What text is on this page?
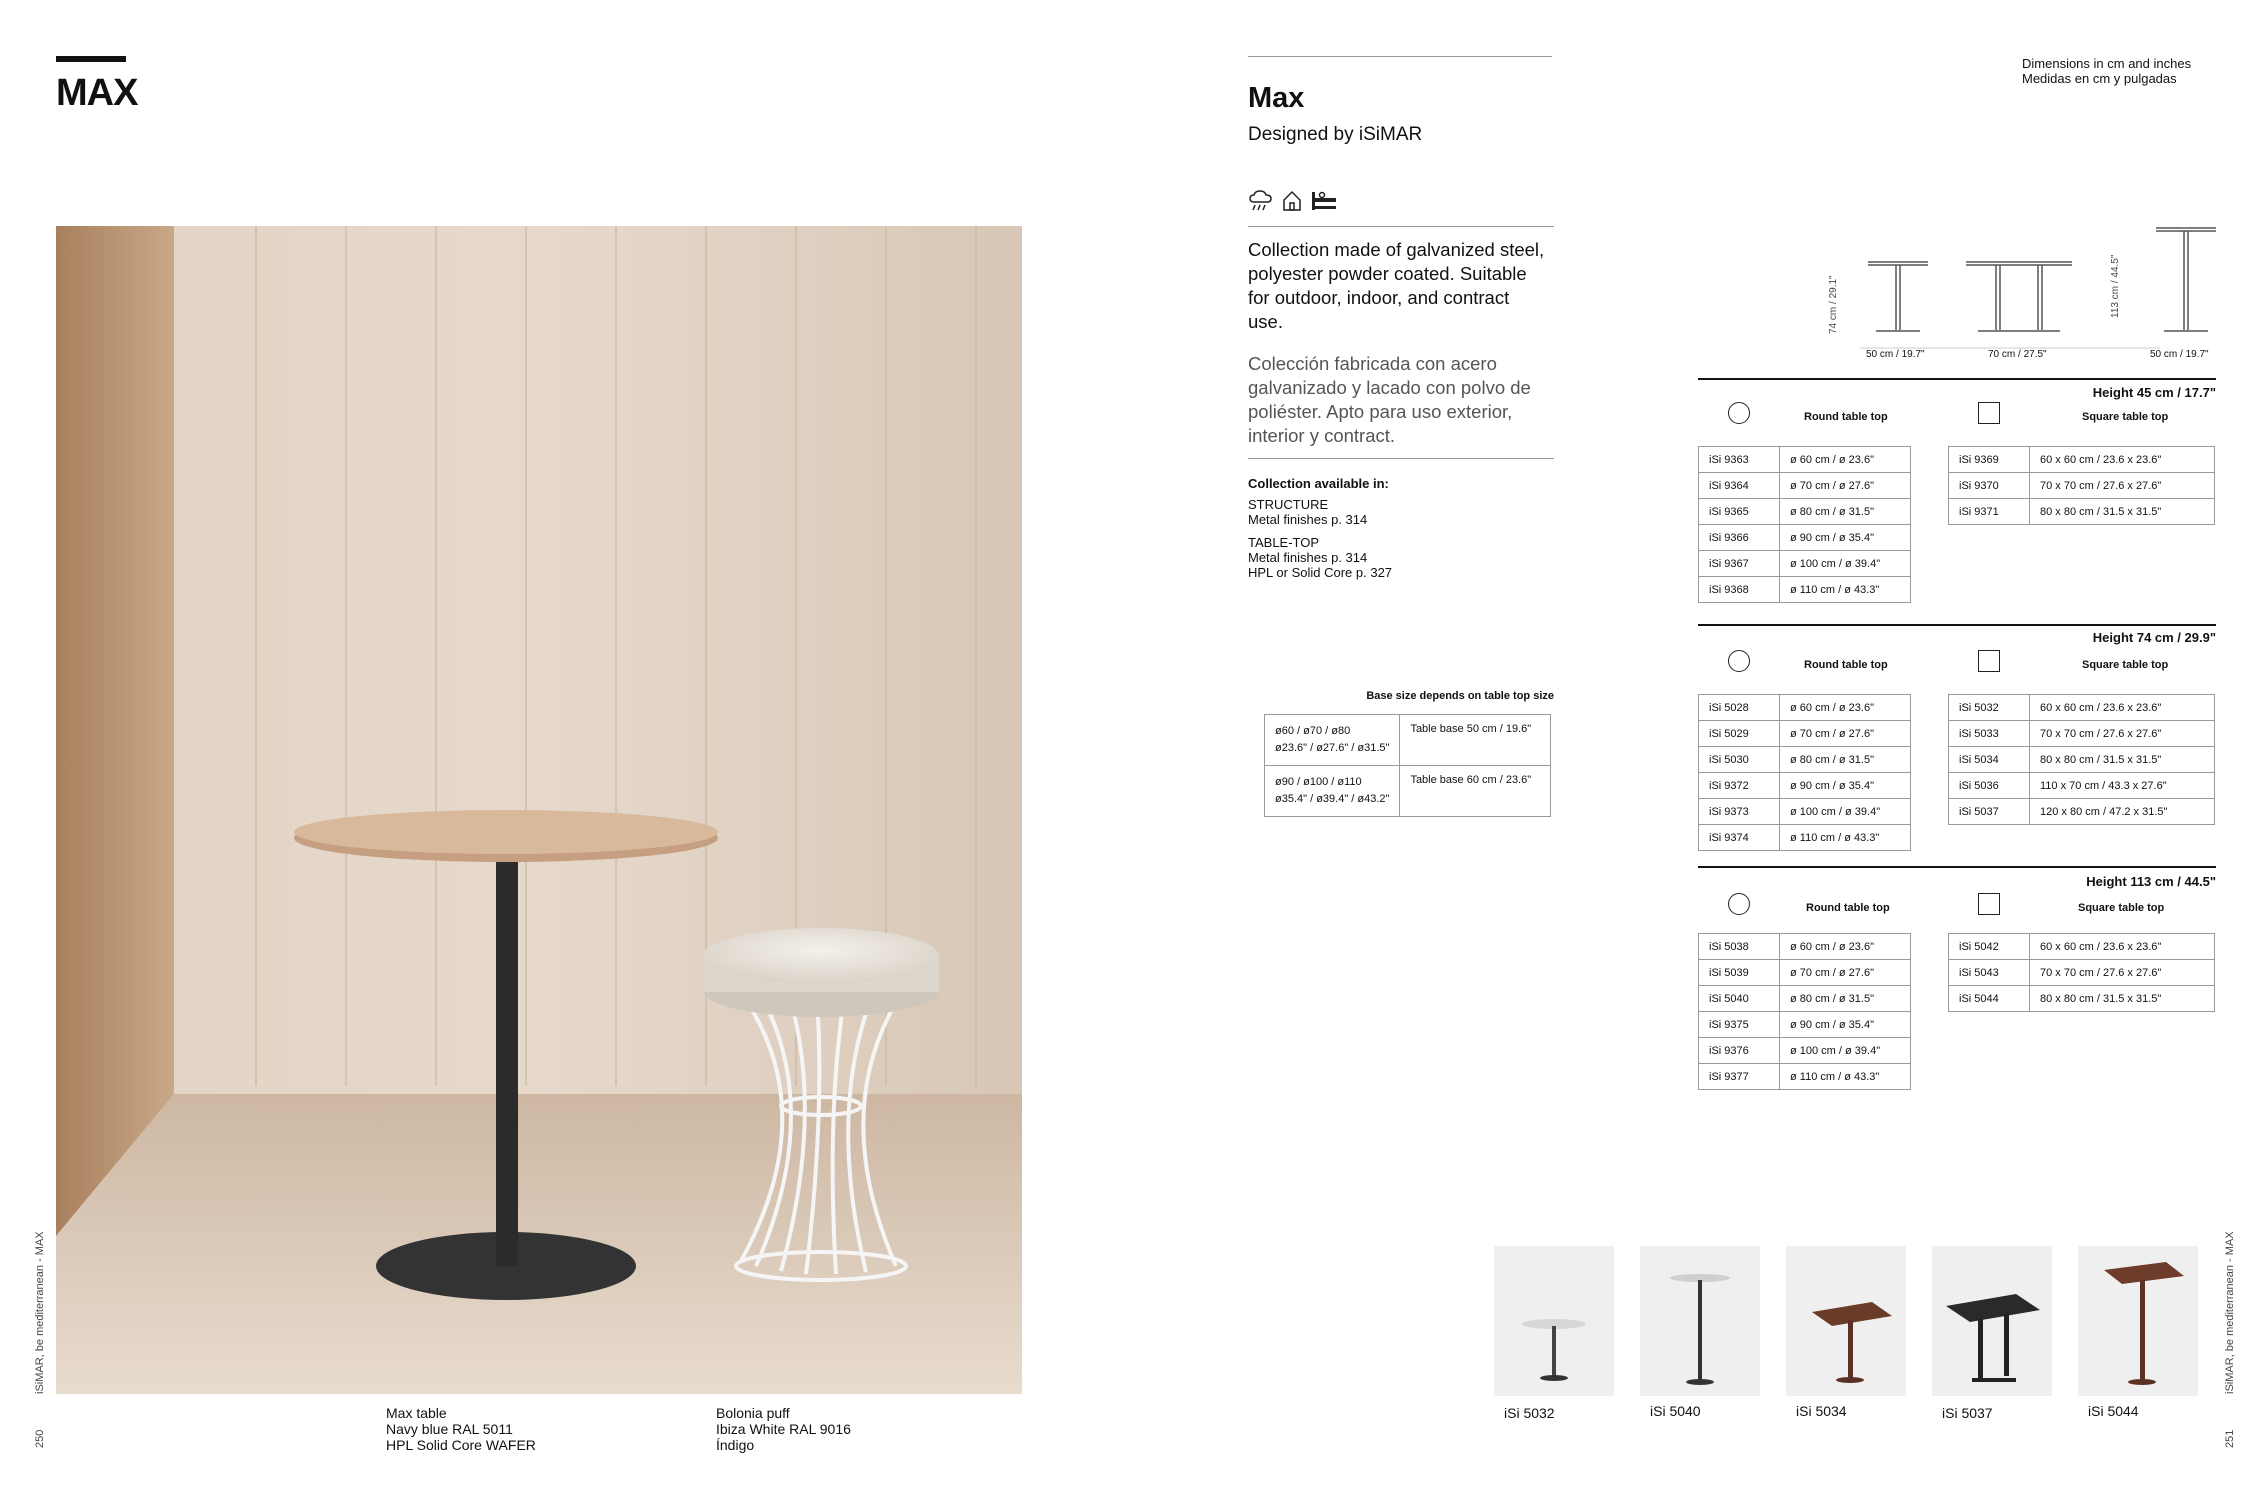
MAX
Max table
Navy blue RAL 5011
HPL Solid Core WAFER
Bolonia puff
Ibiza White RAL 9016
Índigo
iSiMAR, be mediterranean - MAX
250
Max
Designed by iSiMAR
Collection made of galvanized steel, polyester powder coated. Suitable for outdoor, indoor, and contract use.
Colección fabricada con acero galvanizado y lacado con polvo de poliéster. Apto para uso exterior, interior y contract.
Collection available in:
STRUCTURE
Metal finishes p. 314
TABLE-TOP
Metal finishes p. 314
HPL or Solid Core p. 327
Base size depends on table top size
ø60 / ø70 / ø80
ø23.6" / ø27.6" / ø31.5"	Table base 50 cm / 19.6"

ø90 / ø100 / ø110
ø35.4" / ø39.4" / ø43.2"	Table base 60 cm / 23.6"
Dimensions in cm and inches
Medidas en cm y pulgadas
74 cm / 29.1"	113 cm / 44.5"
50 cm / 19.7"	70 cm / 27.5"	50 cm / 19.7"
Height 45 cm / 17.7"
Round table top	Square table top
iSi 9363	ø 60 cm / ø 23.6"
iSi 9364	ø 70 cm / ø 27.6"
iSi 9365	ø 80 cm / ø 31.5"
iSi 9366	ø 90 cm / ø 35.4"
iSi 9367	ø 100 cm / ø 39.4"
iSi 9368	ø 110 cm / ø 43.3"
iSi 9369	60 x 60 cm / 23.6 x 23.6"
iSi 9370	70 x 70 cm / 27.6 x 27.6"
iSi 9371	80 x 80 cm / 31.5 x 31.5"
Height 74 cm / 29.9"
Round table top	Square table top
iSi 5028	ø 60 cm / ø 23.6"
iSi 5029	ø 70 cm / ø 27.6"
iSi 5030	ø 80 cm / ø 31.5"
iSi 9372	ø 90 cm / ø 35.4"
iSi 9373	ø 100 cm / ø 39.4"
iSi 9374	ø 110 cm / ø 43.3"
iSi 5032	60 x 60 cm / 23.6 x 23.6"
iSi 5033	70 x 70 cm / 27.6 x 27.6"
iSi 5034	80 x 80 cm / 31.5 x 31.5"
iSi 5036	110 x 70 cm / 43.3 x 27.6"
iSi 5037	120 x 80 cm / 47.2 x 31.5"
Height 113 cm / 44.5"
Round table top	Square table top
iSi 5038	ø 60 cm / ø 23.6"
iSi 5039	ø 70 cm / ø 27.6"
iSi 5040	ø 80 cm / ø 31.5"
iSi 9375	ø 90 cm / ø 35.4"
iSi 9376	ø 100 cm / ø 39.4"
iSi 9377	ø 110 cm / ø 43.3"
iSi 5042	60 x 60 cm / 23.6 x 23.6"
iSi 5043	70 x 70 cm / 27.6 x 27.6"
iSi 5044	80 x 80 cm / 31.5 x 31.5"
iSi 5032	iSi 5040	iSi 5034	iSi 5037	iSi 5044
iSiMAR, be mediterranean - MAX
251
